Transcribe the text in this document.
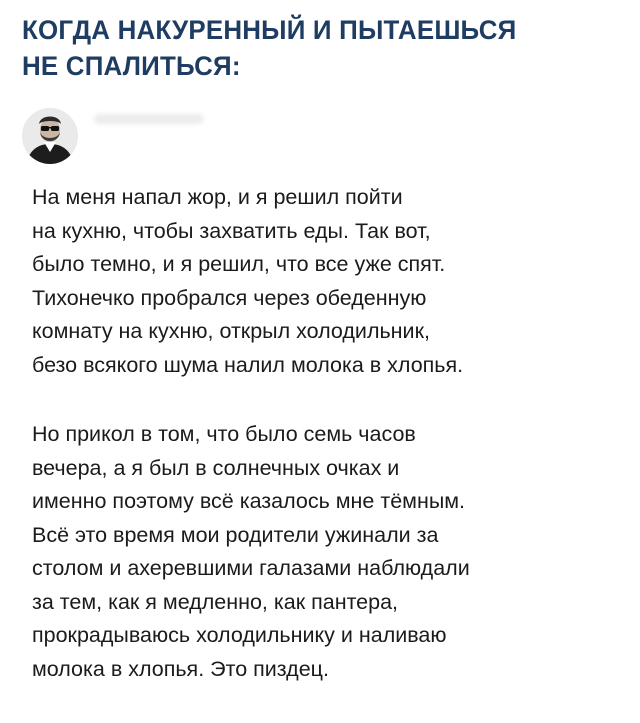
КОГДА НАКУРЕННЫЙ И ПЫТАЕШЬСЯ
НЕ СПАЛИТЬСЯ:

На меня напал жор, и я решил пойти
на кухню, чтобы захватить еды. Так вот,
было темно, и я решил, что все уже спят.
Тихонечко пробрался через обеденную
комнату на кухню, открыл холодильник,
безо всякого шума налил молока в хлопья.

Но прикол в том, что было семь часов
вечера, а я был в солнечных очках и
именно поэтому всё казалось мне тёмным.
Всё это время мои родители ужинали за
столом и ахеревшими галазами наблюдали
за тем, как я медленно, как пантера,
прокрадываюсь холодильнику и наливаю
молока в хлопья. Это пиздец.
